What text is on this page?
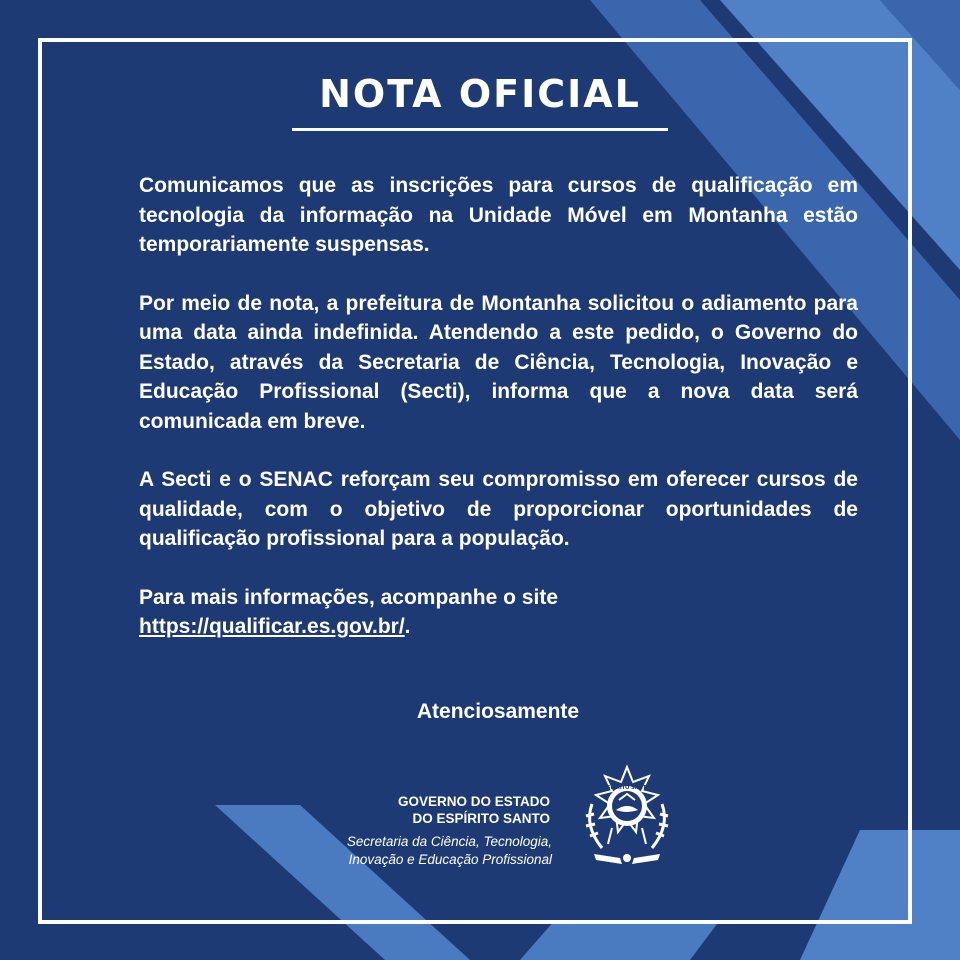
NOTA OFICIAL

Comunicamos que as inscrições para cursos de qualificação em tecnologia da informação na Unidade Móvel em Montanha estão temporariamente suspensas.

Por meio de nota, a prefeitura de Montanha solicitou o adiamento para uma data ainda indefinida. Atendendo a este pedido, o Governo do Estado, através da Secretaria de Ciência, Tecnologia, Inovação e Educação Profissional (Secti), informa que a nova data será comunicada em breve.

A Secti e o SENAC reforçam seu compromisso em oferecer cursos de qualidade, com o objetivo de proporcionar oportunidades de qualificação profissional para a população.

Para mais informações, acompanhe o site
https://qualificar.es.gov.br/.

Atenciosamente
GOVERNO DO ESTADO
DO ESPÍRITO SANTO
Secretaria da Ciência, Tecnologia,
Inovação e Educação Profissional
ESPÍRITO SANTO
